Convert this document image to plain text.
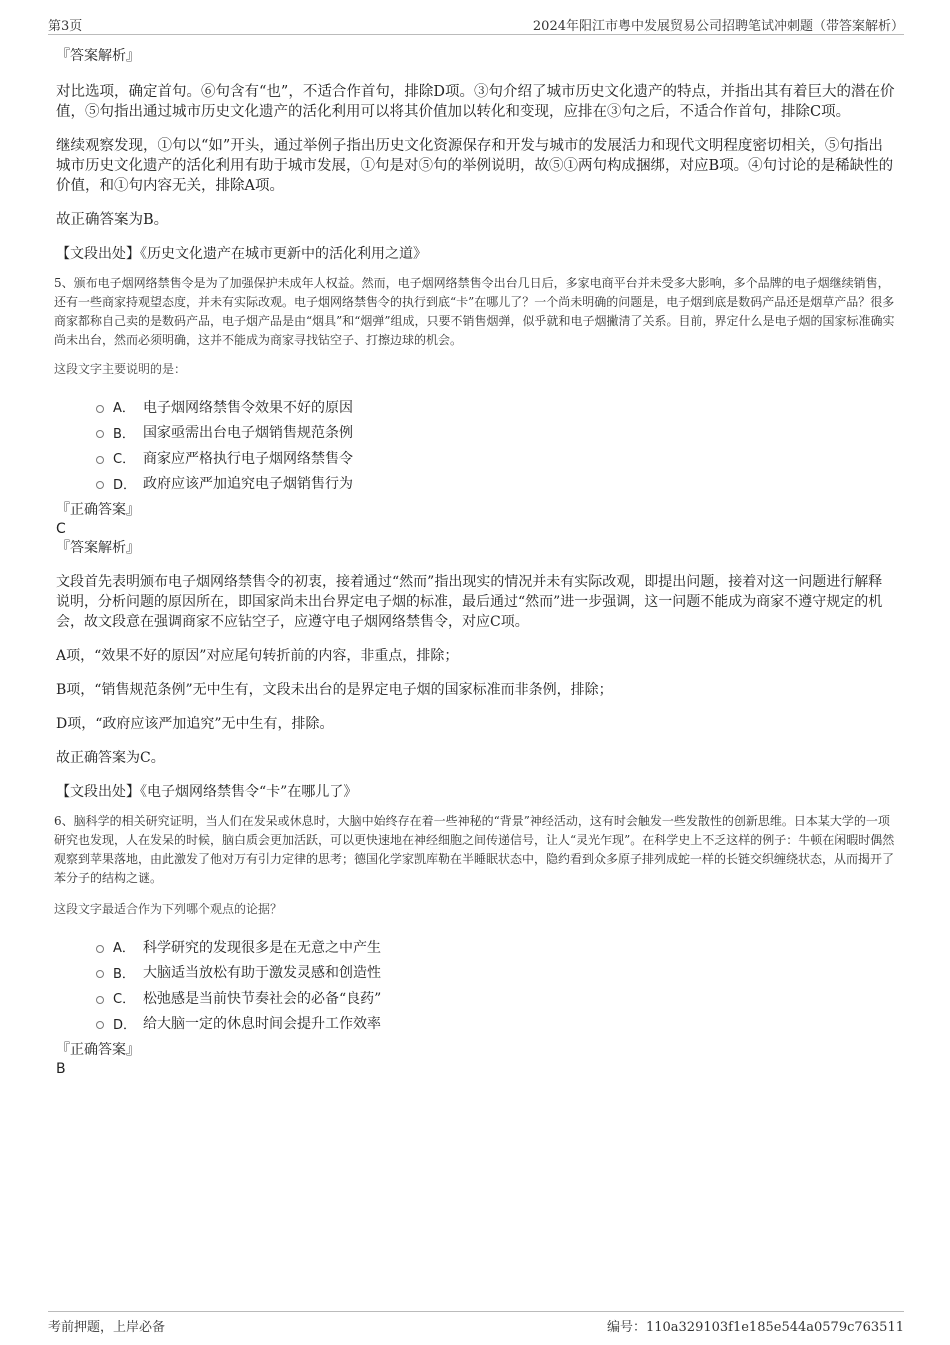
第3页	2024年阳江市粤中发展贸易公司招聘笔试冲刺题（带答案解析）

『答案解析』

对比选项，确定首句。⑥句含有“也”，不适合作首句，排除D项。③句介绍了城市历史文化遗产的特点，并指出其有着巨大的潜在价值，⑤句指出通过城市历史文化遗产的活化利用可以将其价值加以转化和变现，应排在③句之后，不适合作首句，排除C项。

继续观察发现，①句以“如”开头，通过举例子指出历史文化资源保存和开发与城市的发展活力和现代文明程度密切相关，⑤句指出城市历史文化遗产的活化利用有助于城市发展，①句是对⑤句的举例说明，故⑤①两句构成捆绑，对应B项。④句讨论的是稀缺性的价值，和①句内容无关，排除A项。

故正确答案为B。

【文段出处】《历史文化遗产在城市更新中的活化利用之道》

5、颁布电子烟网络禁售令是为了加强保护未成年人权益。然而，电子烟网络禁售令出台几日后，多家电商平台并未受多大影响，多个品牌的电子烟继续销售，还有一些商家持观望态度，并未有实际改观。电子烟网络禁售令的执行到底“卡”在哪儿了？一个尚未明确的问题是，电子烟到底是数码产品还是烟草产品？很多商家都称自己卖的是数码产品，电子烟产品是由“烟具”和“烟弹”组成，只要不销售烟弹，似乎就和电子烟撇清了关系。目前，界定什么是电子烟的国家标准确实尚未出台，然而必须明确，这并不能成为商家寻找钻空子、打擦边球的机会。

这段文字主要说明的是：

A． 电子烟网络禁售令效果不好的原因
B． 国家亟需出台电子烟销售规范条例
C． 商家应严格执行电子烟网络禁售令
D． 政府应该严加追究电子烟销售行为

『正确答案』

C

『答案解析』

文段首先表明颁布电子烟网络禁售令的初衷，接着通过“然而”指出现实的情况并未有实际改观，即提出问题，接着对这一问题进行解释说明，分析问题的原因所在，即国家尚未出台界定电子烟的标准，最后通过“然而”进一步强调，这一问题不能成为商家不遵守规定的机会，故文段意在强调商家不应钻空子，应遵守电子烟网络禁售令，对应C项。

A项，“效果不好的原因”对应尾句转折前的内容，非重点，排除；

B项，“销售规范条例”无中生有，文段未出台的是界定电子烟的国家标准而非条例，排除；

D项，“政府应该严加追究”无中生有，排除。

故正确答案为C。

【文段出处】《电子烟网络禁售令“卡”在哪儿了》

6、脑科学的相关研究证明，当人们在发呆或休息时，大脑中始终存在着一些神秘的“背景”神经活动，这有时会触发一些发散性的创新思维。日本某大学的一项研究也发现，人在发呆的时候，脑白质会更加活跃，可以更快速地在神经细胞之间传递信号，让人“灵光乍现”。在科学史上不乏这样的例子：牛顿在闲暇时偶然观察到苹果落地，由此激发了他对万有引力定律的思考；德国化学家凯库勒在半睡眠状态中，隐约看到众多原子排列成蛇一样的长链交织缠绕状态，从而揭开了苯分子的结构之谜。

这段文字最适合作为下列哪个观点的论据？

A． 科学研究的发现很多是在无意之中产生
B． 大脑适当放松有助于激发灵感和创造性
C． 松弛感是当前快节奏社会的必备“良药”
D． 给大脑一定的休息时间会提升工作效率

『正确答案』

B

考前押题，上岸必备	编号：110a329103f1e185e544a0579c763511
